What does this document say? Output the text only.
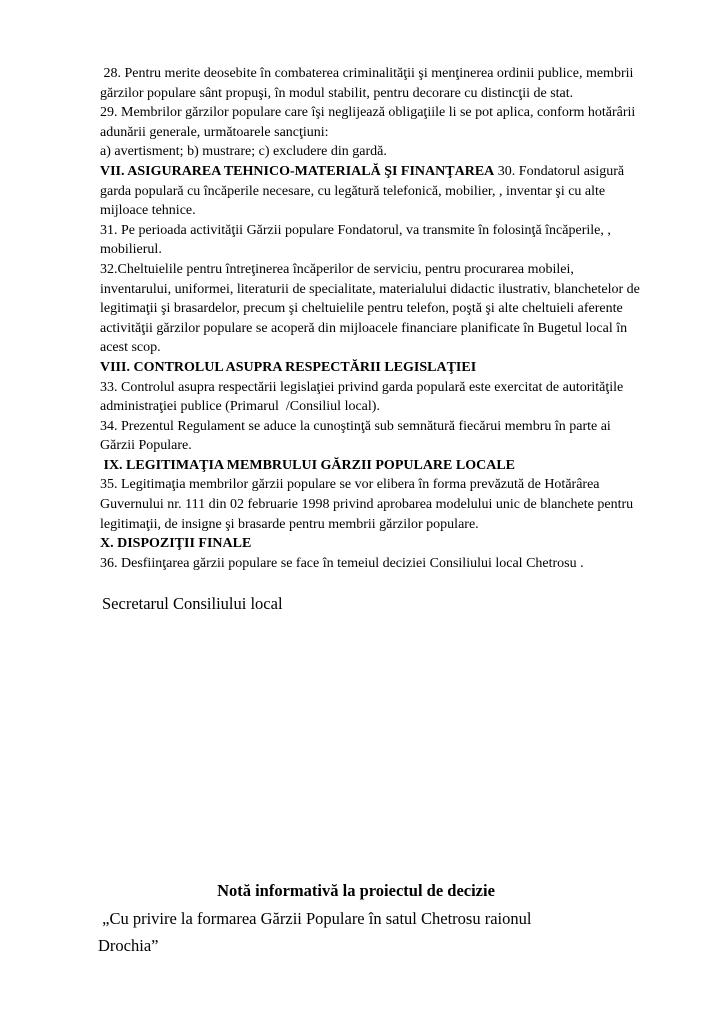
28. Pentru merite deosebite în combaterea criminalităţii şi menţinerea ordinii publice, membrii
gărzilor populare sânt propuşi, în modul stabilit, pentru decorare cu distincţii de stat.
29. Membrilor gărzilor populare care îşi neglijează obligaţiile li se pot aplica, conform hotărârii
adunării generale, următoarele sancţiuni:
a) avertisment; b) mustrare; c) excludere din gardă.
VII. ASIGURAREA TEHNICO-MATERIALĂ ŞI FINANŢAREA 30. Fondatorul asigură
garda populară cu încăperile necesare, cu legătură telefonică, mobilier, , inventar şi cu alte
mijloace tehnice.
31. Pe perioada activităţii Gărzii populare Fondatorul, va transmite în folosinţă încăperile, ,
mobilierul.
32.Cheltuielile pentru întreţinerea încăperilor de serviciu, pentru procurarea mobilei,
inventarului, uniformei, literaturii de specialitate, materialului didactic ilustrativ, blanchetelor de
legitimaţii şi brasardelor, precum şi cheltuielile pentru telefon, poştă şi alte cheltuieli aferente
activităţii gărzilor populare se acoperă din mijloacele financiare planificate în Bugetul local în
acest scop.
VIII. CONTROLUL ASUPRA RESPECTĂRII LEGISLAŢIEI
33. Controlul asupra respectării legislaţiei privind garda populară este exercitat de autorităţile
administraţiei publice (Primarul  /Consiliul local).
34. Prezentul Regulament se aduce la cunoştinţă sub semnătură fiecărui membru în parte ai
Gărzii Populare.
IX. LEGITIMAŢIA MEMBRULUI GĂRZII POPULARE LOCALE
35. Legitimaţia membrilor gărzii populare se vor elibera în forma prevăzută de Hotărârea
Guvernului nr. 111 din 02 februarie 1998 privind aprobarea modelului unic de blanchete pentru
legitimaţii, de insigne şi brasarde pentru membrii gărzilor populare.
X. DISPOZIŢII FINALE
36. Desfiinţarea gărzii populare se face în temeiul deciziei Consiliului local Chetrosu .
Secretarul Consiliului local
Notă informativă la proiectul de decizie
„Cu privire la formarea Gărzii Populare în satul Chetrosu raionul
Drochia”
